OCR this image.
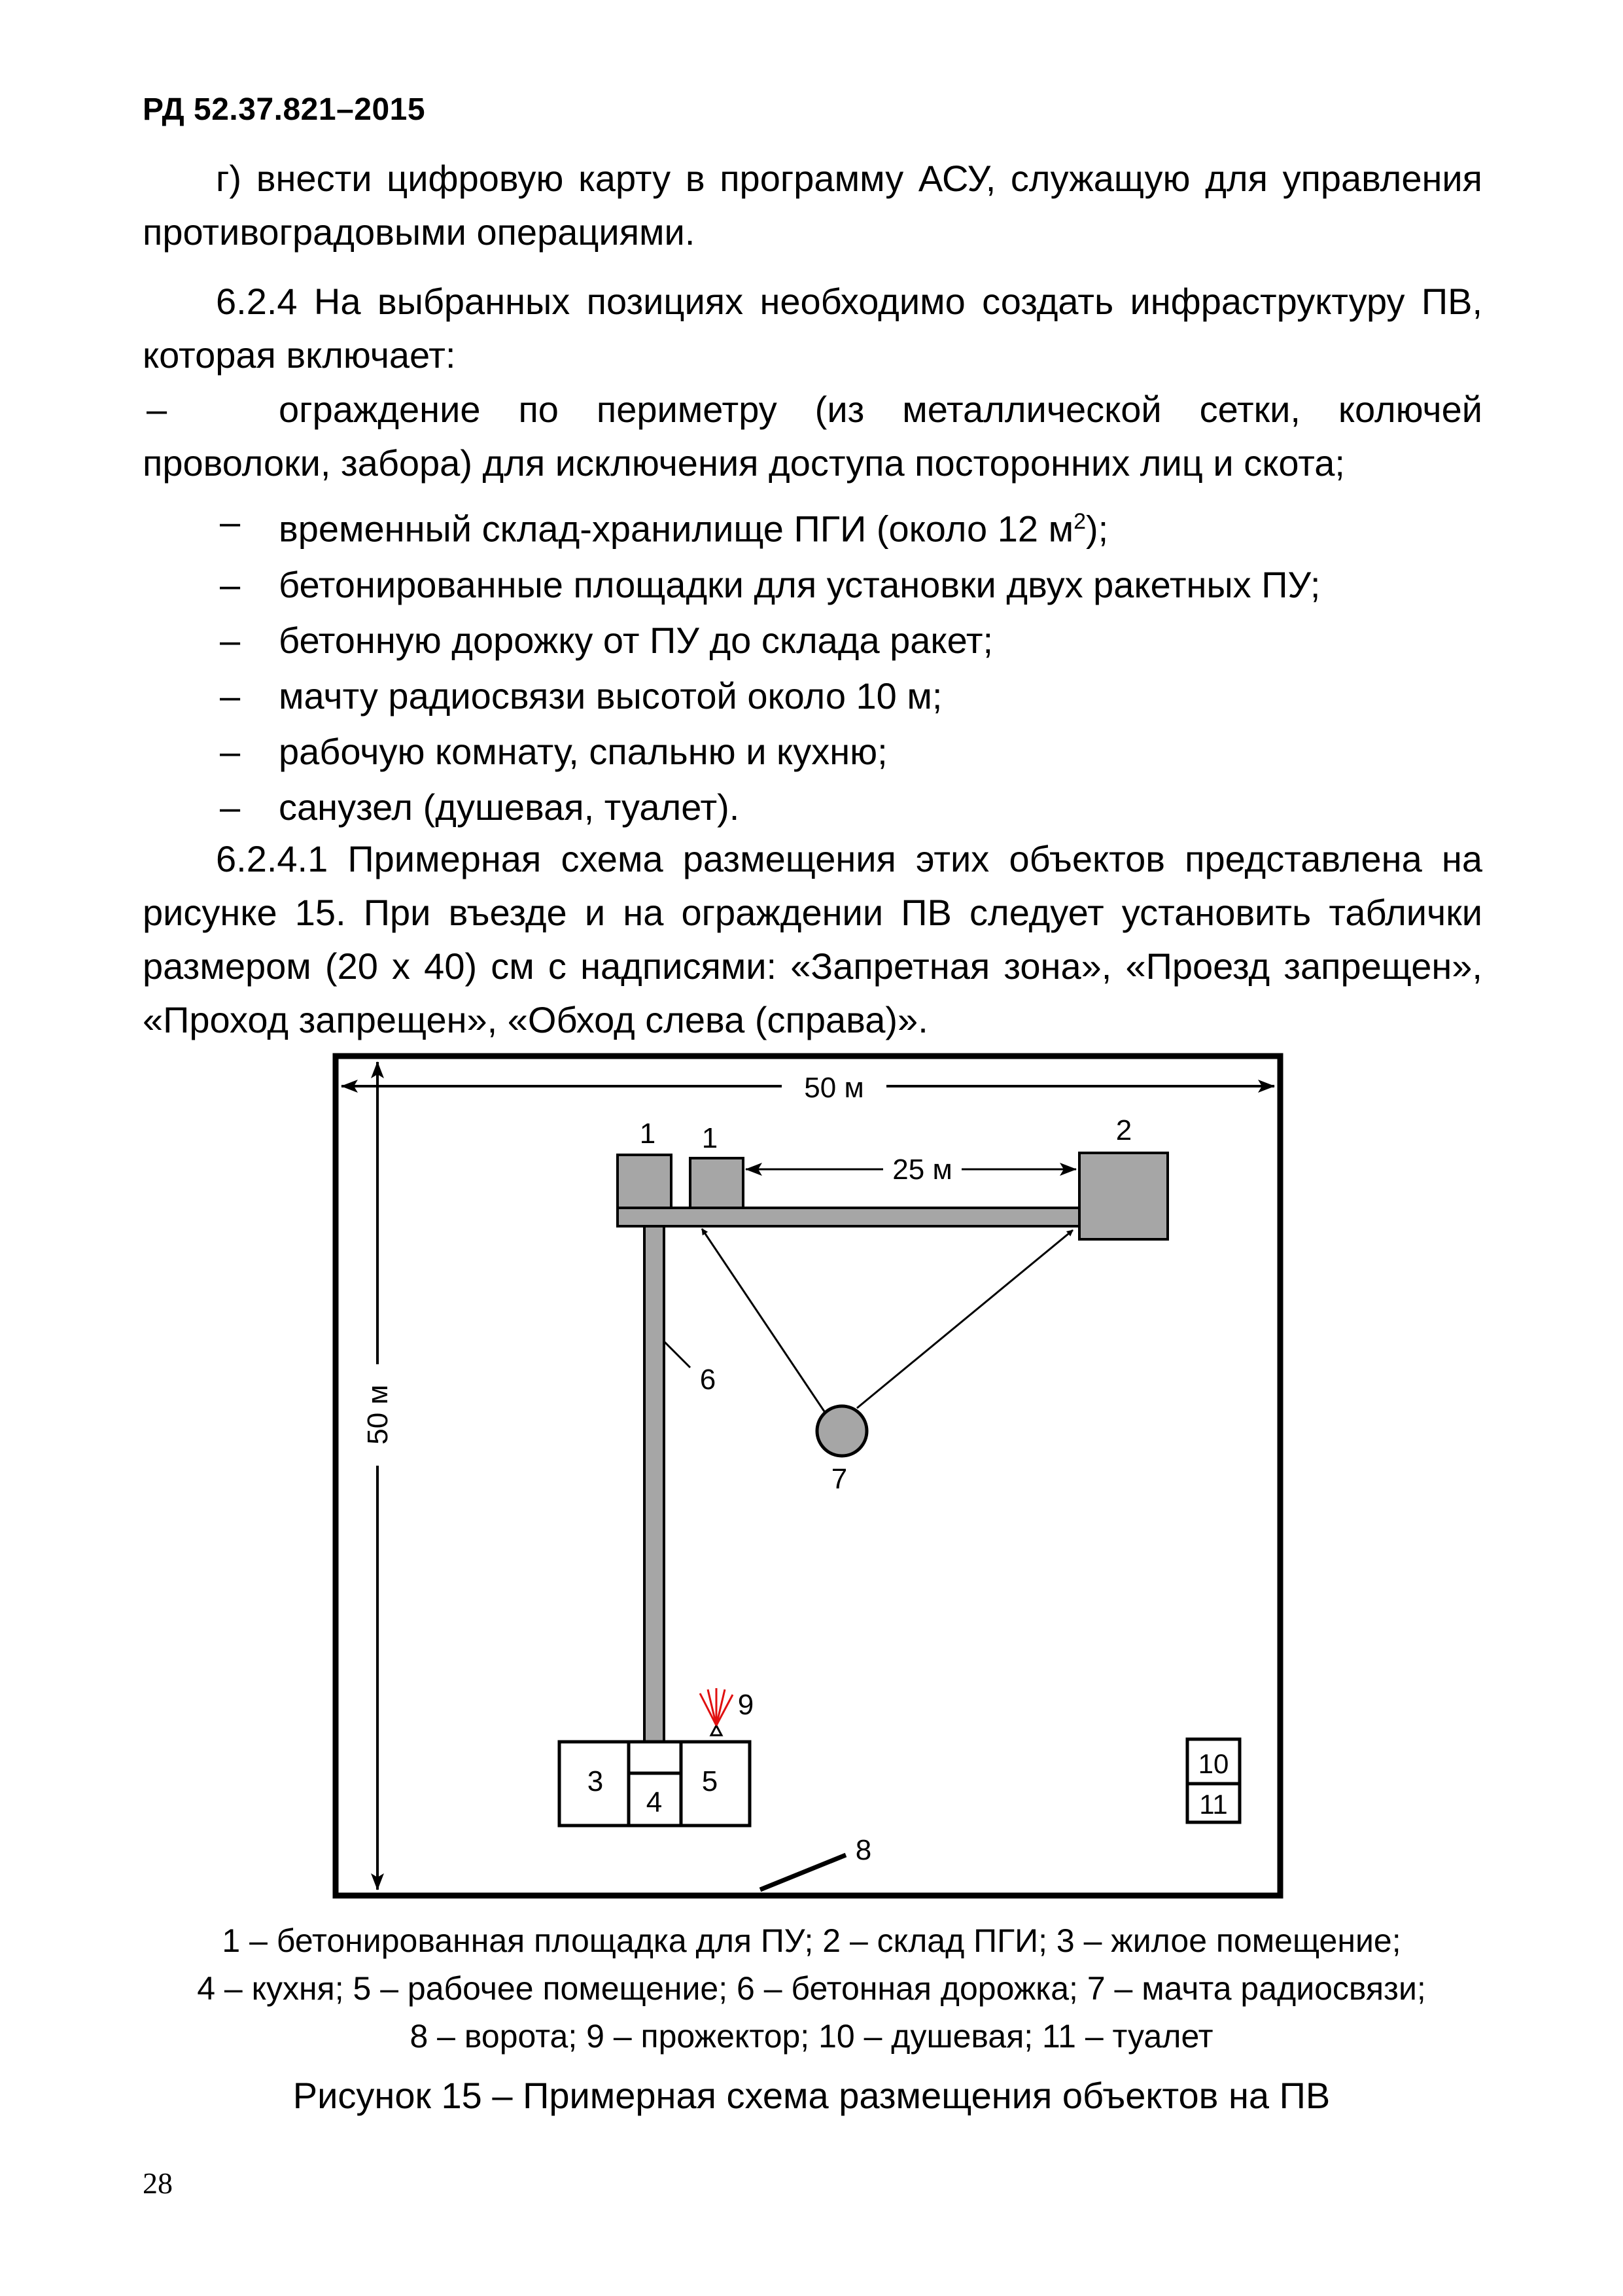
РД 52.37.821–2015
г) внести цифровую карту в программу АСУ, служащую для управления противоградовыми операциями.
6.2.4 На выбранных позициях необходимо создать инфраструктуру ПВ, которая включает:
–	ограждение по периметру (из металлической сетки, колючей проволоки, забора) для исключения доступа посторонних лиц и скота;
– временный склад-хранилище ПГИ (около 12 $м^2$);
– бетонированные площадки для установки двух ракетных ПУ;
– бетонную дорожку от ПУ до склада ракет;
– мачту радиосвязи высотой около 10 м;
– рабочую комнату, спальню и кухню;
– санузел (душевая, туалет).
6.2.4.1 Примерная схема размещения этих объектов представлена на рисунке 15. При въезде и на ограждении ПВ следует установить таблички размером (20 х 40) см с надписями: «Запретная зона», «Проезд запрещен», «Проход запрещен», «Обход слева (справа)».
50 м
50 м
1 1	2
25 м
7
6
3
4
5
9
10
11
8
1 – бетонированная площадка для ПУ; 2 – склад ПГИ; 3 – жилое помещение;
4 – кухня; 5 – рабочее помещение; 6 – бетонная дорожка; 7 – мачта радиосвязи;
8 – ворота; 9 – прожектор; 10 – душевая; 11 – туалет
Рисунок 15 – Примерная схема размещения объектов на ПВ
28
